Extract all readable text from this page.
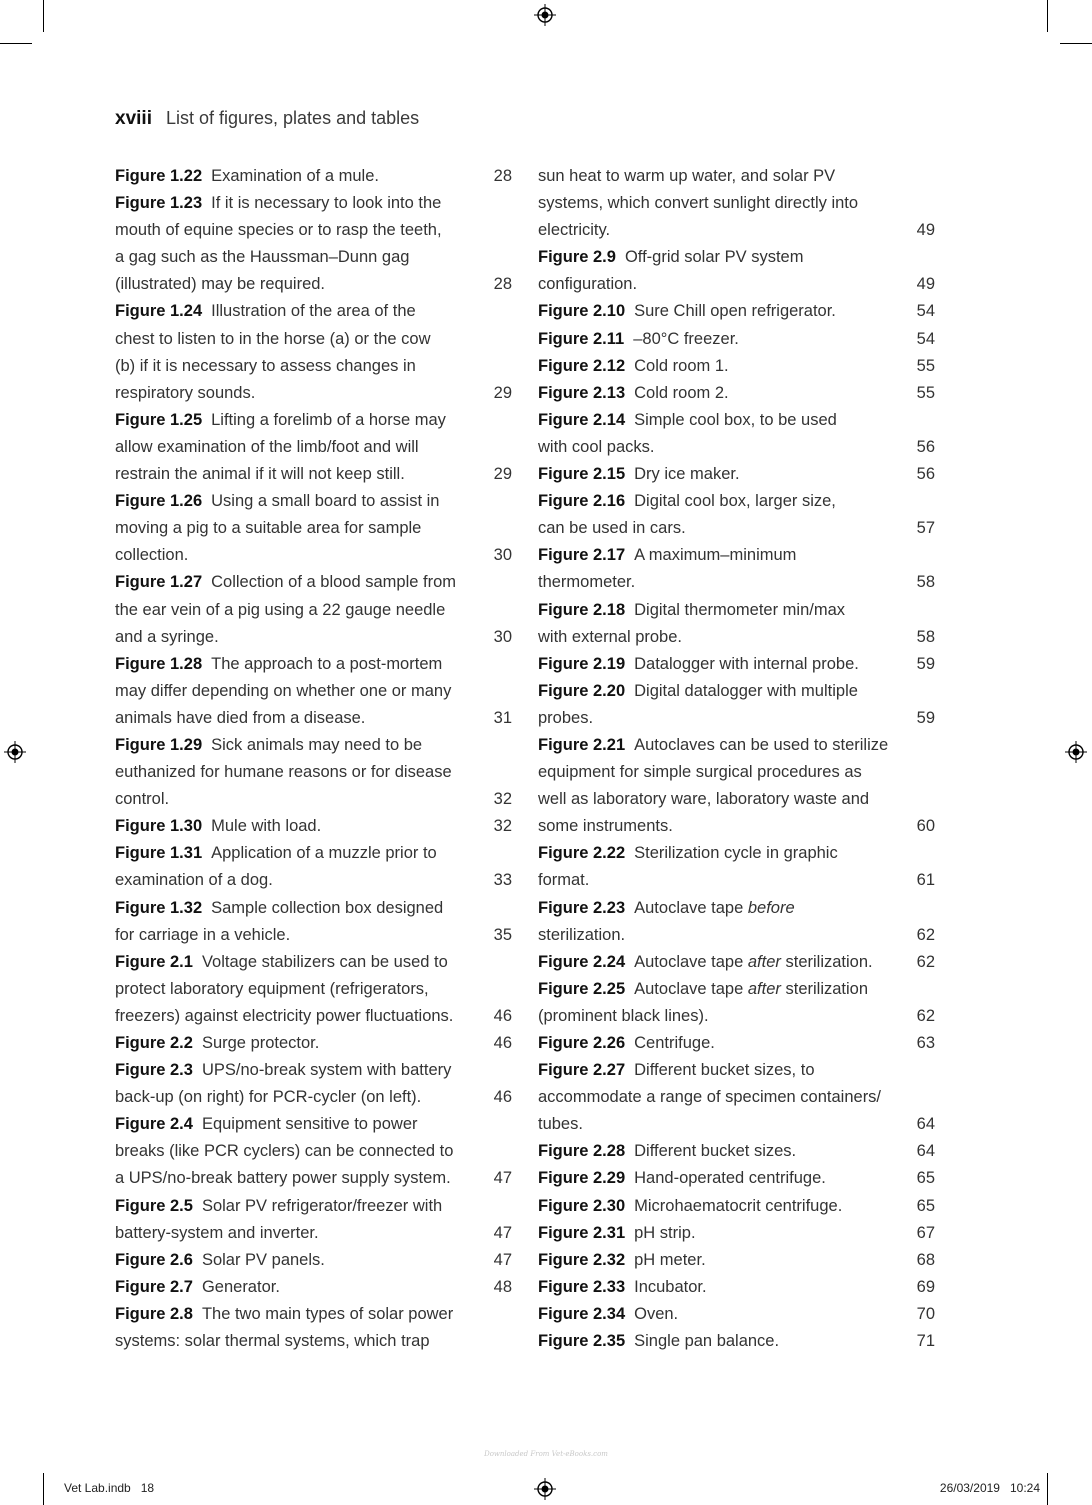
xviii List of figures, plates and tables
Figure 1.22 Examination of a mule.	28
Figure 1.23 If it is necessary to look into the
mouth of equine species or to rasp the teeth,
a gag such as the Haussman–Dunn gag
(illustrated) may be required.	28
Figure 1.24 Illustration of the area of the
chest to listen to in the horse (a) or the cow
(b) if it is necessary to assess changes in
respiratory sounds.	29
Figure 1.25 Lifting a forelimb of a horse may
allow examination of the limb/foot and will
restrain the animal if it will not keep still.	29
Figure 1.26 Using a small board to assist in
moving a pig to a suitable area for sample
collection.	30
Figure 1.27 Collection of a blood sample from
the ear vein of a pig using a 22 gauge needle
and a syringe.	30
Figure 1.28 The approach to a post-mortem
may differ depending on whether one or many
animals have died from a disease.	31
Figure 1.29 Sick animals may need to be
euthanized for humane reasons or for disease
control.	32
Figure 1.30 Mule with load.	32
Figure 1.31 Application of a muzzle prior to
examination of a dog.	33
Figure 1.32 Sample collection box designed
for carriage in a vehicle.	35
Figure 2.1 Voltage stabilizers can be used to
protect laboratory equipment (refrigerators,
freezers) against electricity power fluctuations.	46
Figure 2.2 Surge protector.	46
Figure 2.3 UPS/no-break system with battery
back-up (on right) for PCR-cycler (on left).	46
Figure 2.4 Equipment sensitive to power
breaks (like PCR cyclers) can be connected to
a UPS/no-break battery power supply system.	47
Figure 2.5 Solar PV refrigerator/freezer with
battery-system and inverter.	47
Figure 2.6 Solar PV panels.	47
Figure 2.7 Generator.	48
Figure 2.8 The two main types of solar power
systems: solar thermal systems, which trap
sun heat to warm up water, and solar PV
systems, which convert sunlight directly into
electricity.	49
Figure 2.9 Off-grid solar PV system
configuration.	49
Figure 2.10 Sure Chill open refrigerator.	54
Figure 2.11 –80°C freezer.	54
Figure 2.12 Cold room 1.	55
Figure 2.13 Cold room 2.	55
Figure 2.14 Simple cool box, to be used
with cool packs.	56
Figure 2.15 Dry ice maker.	56
Figure 2.16 Digital cool box, larger size,
can be used in cars.	57
Figure 2.17 A maximum–minimum
thermometer.	58
Figure 2.18 Digital thermometer min/max
with external probe.	58
Figure 2.19 Datalogger with internal probe.	59
Figure 2.20 Digital datalogger with multiple
probes.	59
Figure 2.21 Autoclaves can be used to sterilize
equipment for simple surgical procedures as
well as laboratory ware, laboratory waste and
some instruments.	60
Figure 2.22 Sterilization cycle in graphic
format.	61
Figure 2.23 Autoclave tape before
sterilization.	62
Figure 2.24 Autoclave tape after sterilization.	62
Figure 2.25 Autoclave tape after sterilization
(prominent black lines).	62
Figure 2.26 Centrifuge.	63
Figure 2.27 Different bucket sizes, to
accommodate a range of specimen containers/
tubes.	64
Figure 2.28 Different bucket sizes.	64
Figure 2.29 Hand-operated centrifuge.	65
Figure 2.30 Microhaematocrit centrifuge.	65
Figure 2.31 pH strip.	67
Figure 2.32 pH meter.	68
Figure 2.33 Incubator.	69
Figure 2.34 Oven.	70
Figure 2.35 Single pan balance.	71
Downloaded From Vet-eBooks.com
Vet Lab.indb   18	26/03/2019   10:24
